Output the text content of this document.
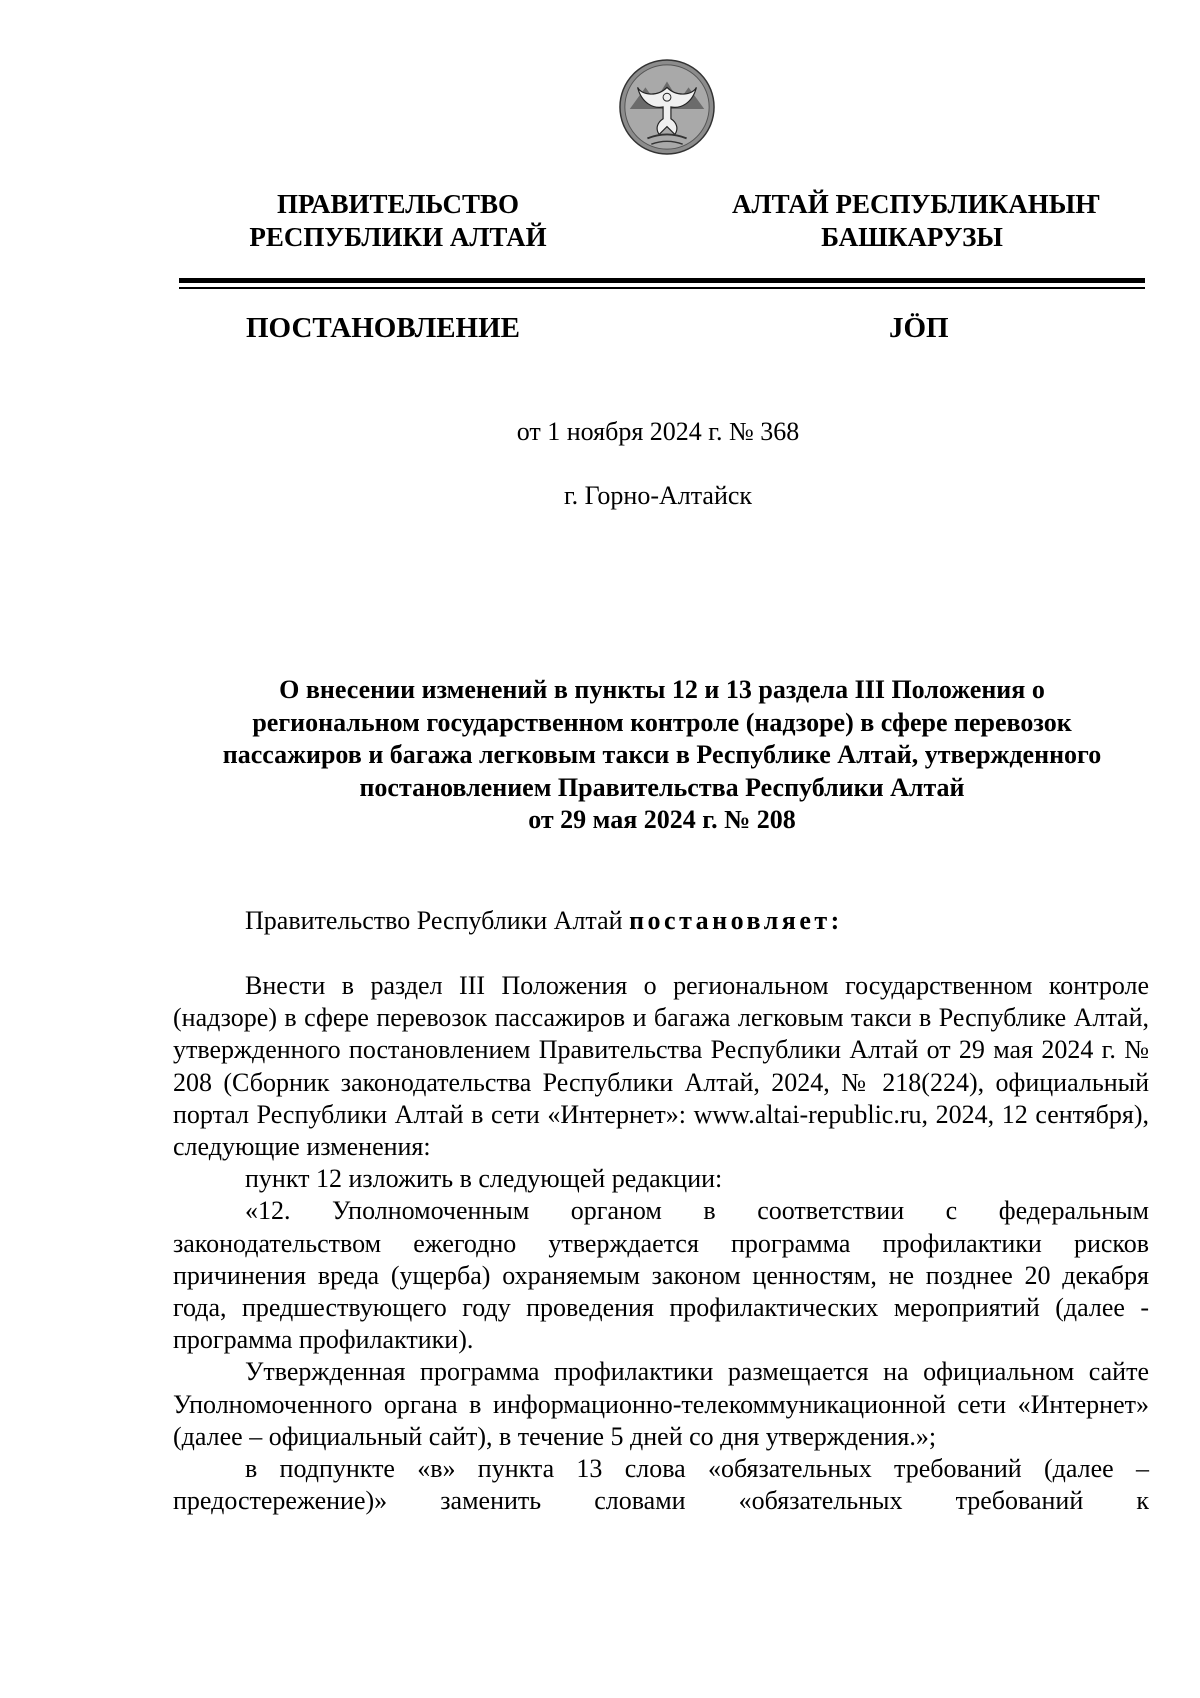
ПРАВИТЕЛЬСТВО
РЕСПУБЛИКИ АЛТАЙ
АЛТАЙ РЕСПУБЛИКАНЫҤ
БАШКАРУЗЫ
ПОСТАНОВЛЕНИЕ	JӦП
от 1 ноября 2024 г. № 368
г. Горно-Алтайск
О внесении изменений в пункты 12 и 13 раздела III Положения о
региональном государственном контроле (надзоре) в сфере перевозок
пассажиров и багажа легковым такси в Республике Алтай, утвержденного
постановлением Правительства Республики Алтай
от 29 мая 2024 г. № 208
Правительство Республики Алтай постановляет:

Внести в раздел III Положения о региональном государственном контроле (надзоре) в сфере перевозок пассажиров и багажа легковым такси в Республике Алтай, утвержденного постановлением Правительства Республики Алтай от 29 мая 2024 г. № 208 (Сборник законодательства Республики Алтай, 2024, № 218(224), официальный портал Республики Алтай в сети «Интернет»: www.altai-republic.ru, 2024, 12 сентября), следующие изменения:

пункт 12 изложить в следующей редакции:

«12. Уполномоченным органом в соответствии с федеральным законодательством ежегодно утверждается программа профилактики рисков причинения вреда (ущерба) охраняемым законом ценностям, не позднее 20 декабря года, предшествующего году проведения профилактических мероприятий (далее - программа профилактики).

Утвержденная программа профилактики размещается на официальном сайте Уполномоченного органа в информационно-телекоммуникационной сети «Интернет» (далее – официальный сайт), в течение 5 дней со дня утверждения.»;

в подпункте «в» пункта 13 слова «обязательных требований (далее – предостережение)» заменить словами «обязательных требований к
